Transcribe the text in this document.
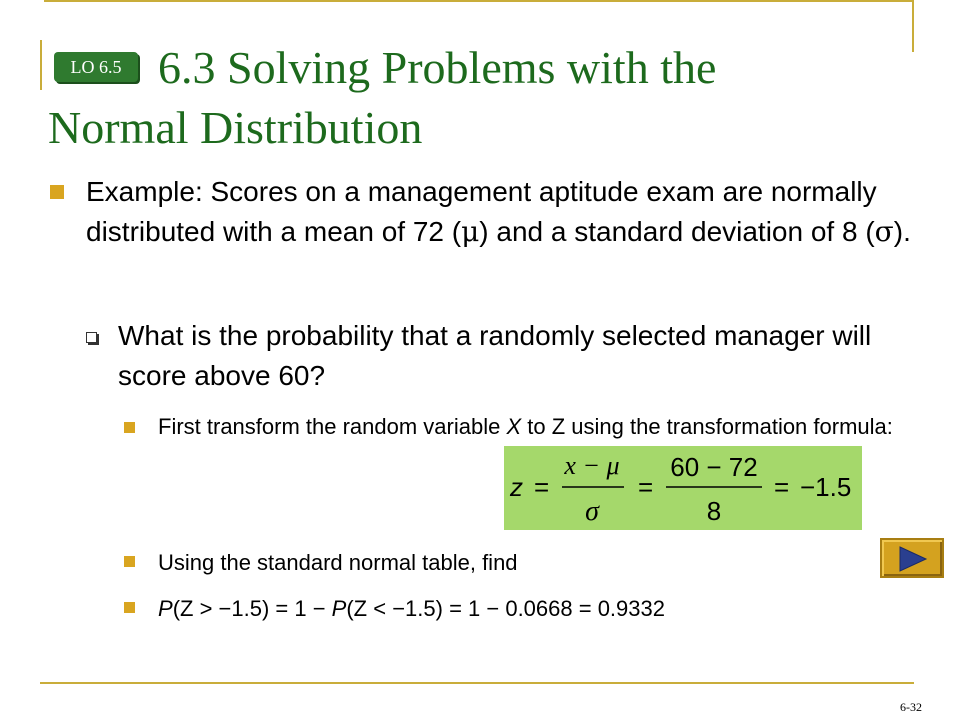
6.3 Solving Problems with the
Normal Distribution
LO 6.5
Example: Scores on a management aptitude exam are normally distributed with a mean of 72 (μ) and a standard deviation of 8 (σ).
What is the probability that a randomly selected manager will score above 60?
First transform the random variable X to Z using the transformation formula:
z =
x − μ
σ
=
60 − 72
8
= −1.5
Using the standard normal table, find
P(Z > −1.5) = 1 − P(Z < −1.5) = 1 − 0.0668 = 0.9332
6-32
